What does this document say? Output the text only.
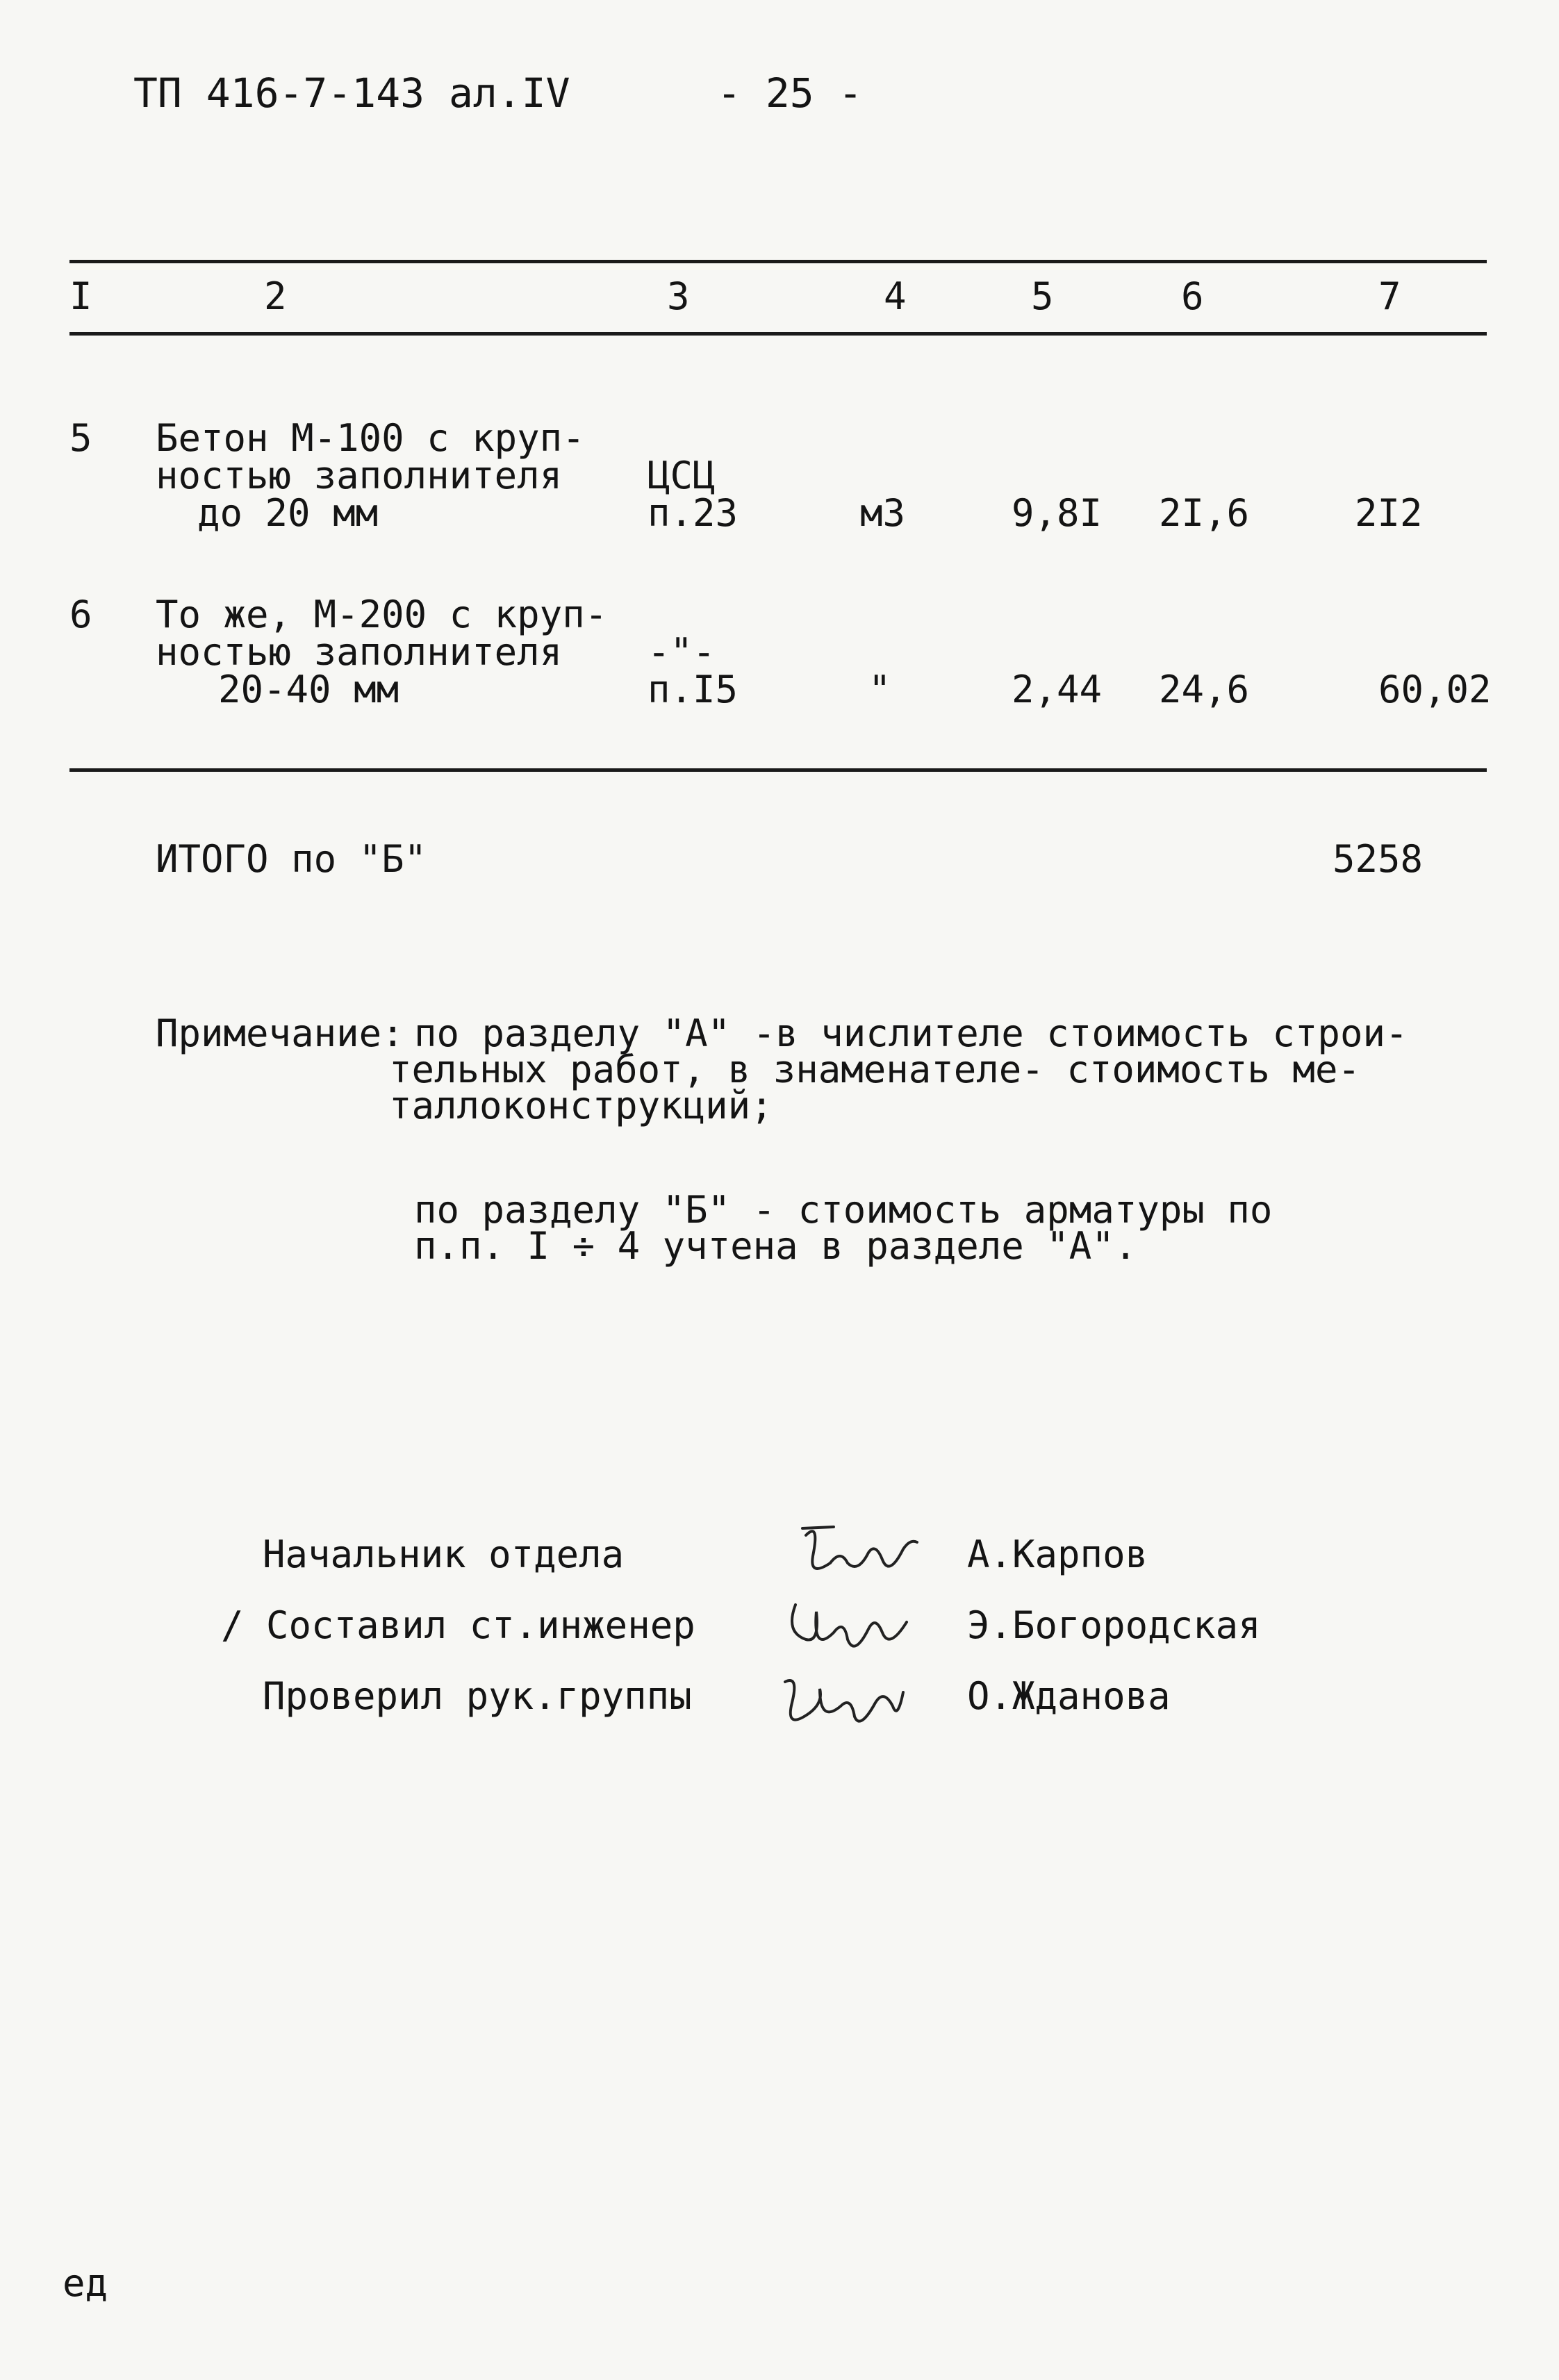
ТП 416-7-143 ал.IV	- 25 -
I	2	3	4	5	6	7
5 Бетон М-100 с круп-
ностью заполнителя
до 20 мм
ЦСЦ
п.23	м3	9,8I 2I,6	2I2
6 То же, М-200 с круп-
ностью заполнителя
20-40 мм
-"-
п.I5	"	2,44 24,6	60,02
ИТОГО по "Б"	5258
Примечание: по разделу "А" -в числителе стоимость строи-
тельных работ, в знаменателе- стоимость ме-
таллоконструкций;
по разделу "Б" - стоимость арматуры по
п.п. I ÷ 4 учтена в разделе "А".
Начальник отдела	А.Карпов
/ Составил ст.инженер	Э.Богородская
Проверил рук.группы	О.Жданова
ед
